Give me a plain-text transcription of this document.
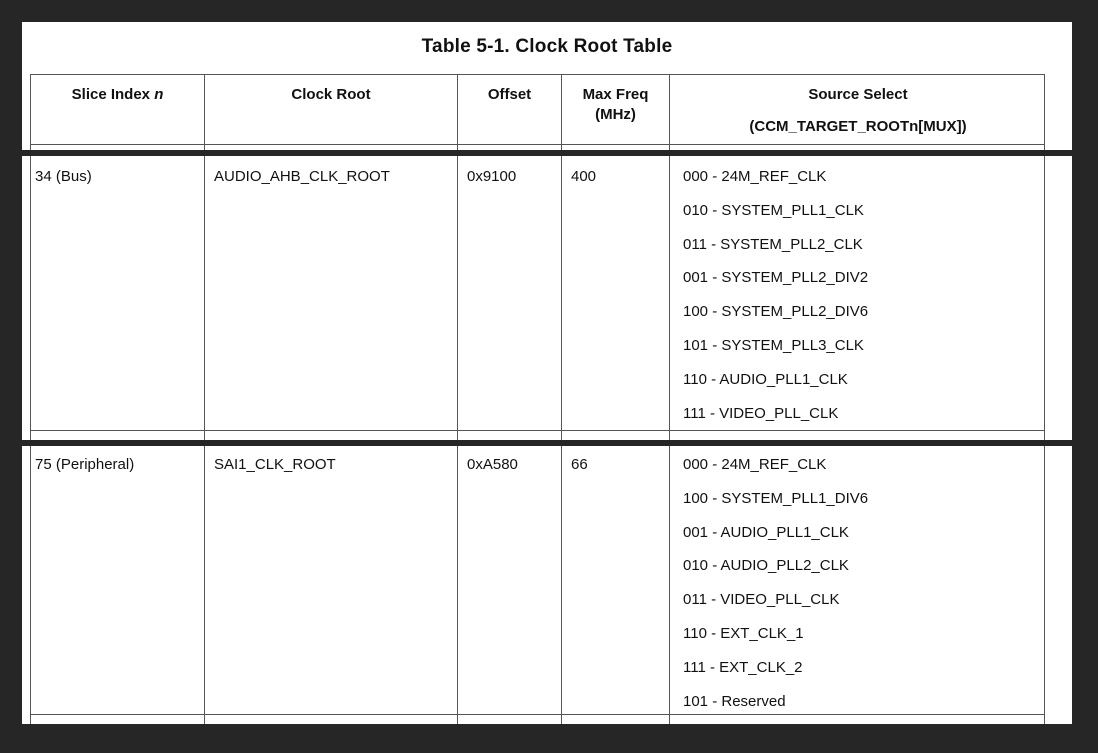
Table 5-1. Clock Root Table
Slice Index n	Clock Root	Offset	Max Freq
(MHz)
Source Select
(CCM_TARGET_ROOTn[MUX])
34 (Bus)	AUDIO_AHB_CLK_ROOT	0x9100	400	000 - 24M_REF_CLK
010 - SYSTEM_PLL1_CLK
011 - SYSTEM_PLL2_CLK
001 - SYSTEM_PLL2_DIV2
100 - SYSTEM_PLL2_DIV6
101 - SYSTEM_PLL3_CLK
110 - AUDIO_PLL1_CLK
111 - VIDEO_PLL_CLK
75 (Peripheral)	SAI1_CLK_ROOT	0xA580	66	000 - 24M_REF_CLK
100 - SYSTEM_PLL1_DIV6
001 - AUDIO_PLL1_CLK
010 - AUDIO_PLL2_CLK
011 - VIDEO_PLL_CLK
110 - EXT_CLK_1
111 - EXT_CLK_2
101 - Reserved
